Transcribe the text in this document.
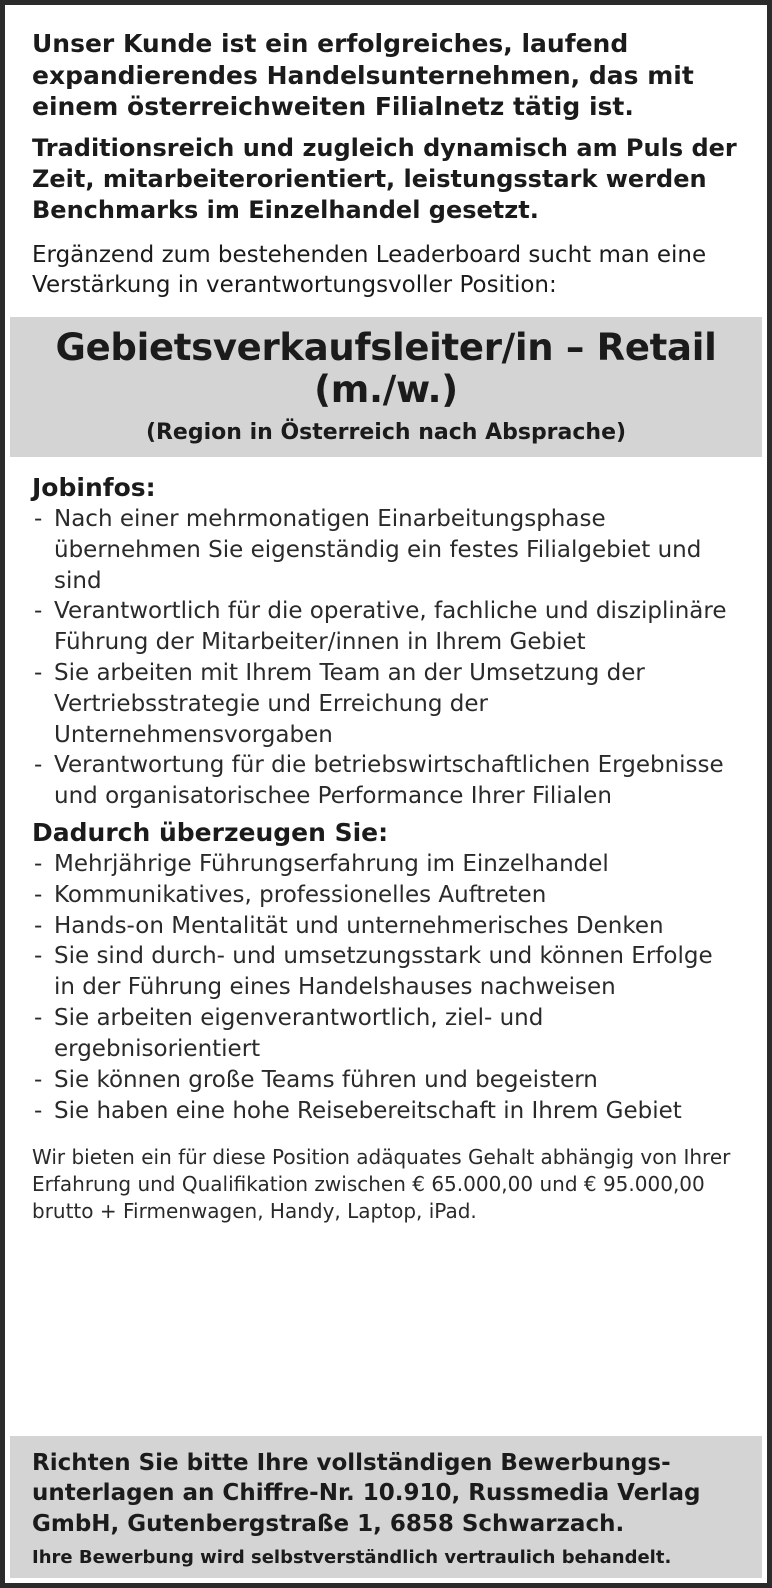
Unser Kunde ist ein erfolgreiches, laufend expandierendes Handelsunternehmen, das mit einem österreichweiten Filialnetz tätig ist.

Traditionsreich und zugleich dynamisch am Puls der Zeit, mitarbeiterorientiert, leistungsstark werden Benchmarks im Einzelhandel gesetzt.

Ergänzend zum bestehenden Leaderboard sucht man eine Verstärkung in verantwortungsvoller Position:

Gebietsverkaufsleiter/in – Retail (m./w.)

(Region in Österreich nach Absprache)

Jobinfos:

- Nach einer mehrmonatigen Einarbeitungsphase übernehmen Sie eigenständig ein festes Filialgebiet und sind
- Verantwortlich für die operative, fachliche und disziplinäre Führung der Mitarbeiter/innen in Ihrem Gebiet
- Sie arbeiten mit Ihrem Team an der Umsetzung der Vertriebsstrategie und Erreichung der Unternehmensvorgaben
- Verantwortung für die betriebswirtschaftlichen Ergebnisse und organisatorischee Performance Ihrer Filialen

Dadurch überzeugen Sie:

- Mehrjährige Führungserfahrung im Einzelhandel
- Kommunikatives, professionelles Auftreten
- Hands-on Mentalität und unternehmerisches Denken
- Sie sind durch- und umsetzungsstark und können Erfolge in der Führung eines Handelshauses nachweisen
- Sie arbeiten eigenverantwortlich, ziel- und ergebnisorientiert
- Sie können große Teams führen und begeistern
- Sie haben eine hohe Reisebereitschaft in Ihrem Gebiet
Wir bieten ein für diese Position adäquates Gehalt abhängig von Ihrer Erfahrung und Qualifikation zwischen € 65.000,00 und € 95.000,00 brutto + Firmenwagen, Handy, Laptop, iPad.

Richten Sie bitte Ihre vollständigen Bewerbungs- unterlagen an Chiffre-Nr. 10.910, Russmedia Verlag GmbH, Gutenbergstraße 1, 6858 Schwarzach.

Ihre Bewerbung wird selbstverständlich vertraulich behandelt.
